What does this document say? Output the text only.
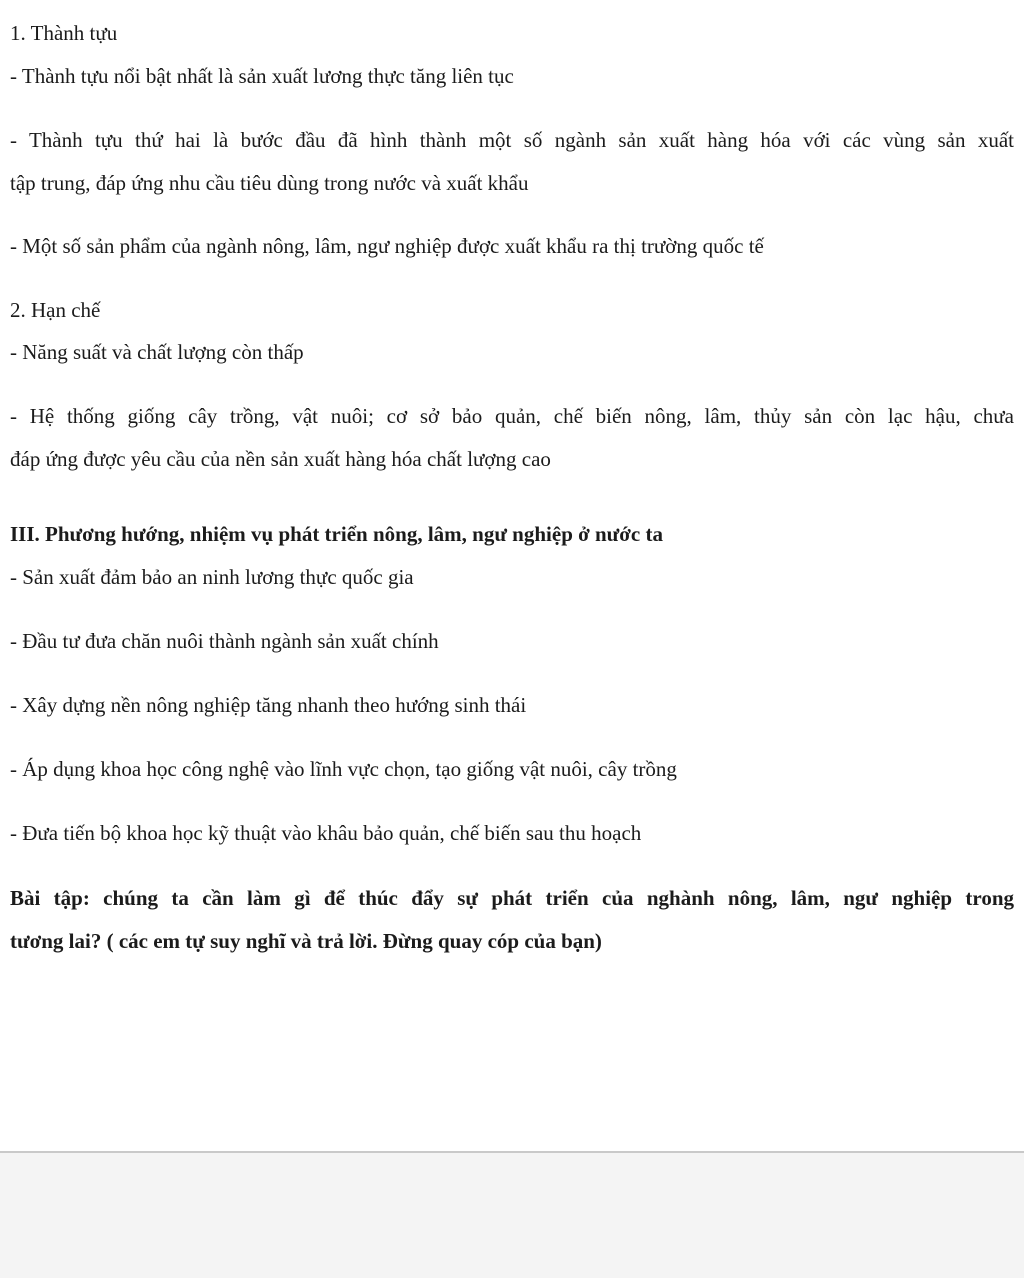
1. Thành tựu
- Thành tựu nổi bật nhất là sản xuất lương thực tăng liên tục
- Thành tựu thứ hai là bước đầu đã hình thành một số ngành sản xuất hàng hóa với các vùng sản xuất
tập trung, đáp ứng nhu cầu tiêu dùng trong nước và xuất khẩu
- Một số sản phẩm của ngành nông, lâm, ngư nghiệp được xuất khẩu ra thị trường quốc tế
2. Hạn chế
- Năng suất và chất lượng còn thấp
- Hệ thống giống cây trồng, vật nuôi; cơ sở bảo quản, chế biến nông, lâm, thủy sản còn lạc hậu, chưa
đáp ứng được yêu cầu của nền sản xuất hàng hóa chất lượng cao
III. Phương hướng, nhiệm vụ phát triển nông, lâm, ngư nghiệp ở nước ta
- Sản xuất đảm bảo an ninh lương thực quốc gia
- Đầu tư đưa chăn nuôi thành ngành sản xuất chính
- Xây dựng nền nông nghiệp tăng nhanh theo hướng sinh thái
- Áp dụng khoa học công nghệ vào lĩnh vực chọn, tạo giống vật nuôi, cây trồng
- Đưa tiến bộ khoa học kỹ thuật vào khâu bảo quản, chế biến sau thu hoạch
Bài tập: chúng ta cần làm gì để thúc đẩy sự phát triển của nghành nông, lâm, ngư nghiệp trong
tương lai? ( các em tự suy nghĩ và trả lời. Đừng quay cóp của bạn)
